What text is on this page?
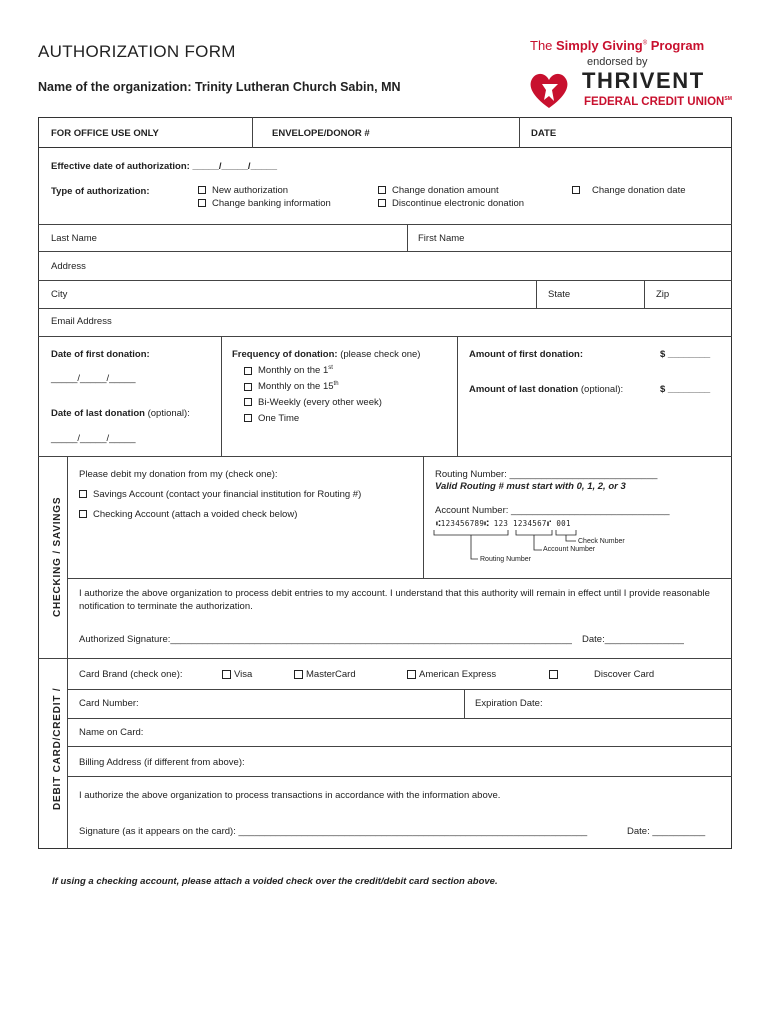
AUTHORIZATION FORM
Name of the organization: Trinity Lutheran Church Sabin, MN
The Simply Giving® Program
endorsed by
THRIVENT
FEDERAL CREDIT UNION℠
FOR OFFICE USE ONLY	ENVELOPE/DONOR #	DATE
Effective date of authorization: _____/_____/_____
Type of authorization:	New authorization
Change banking information
Change donation amount
Discontinue electronic donation
Change donation date
Last Name	First Name
Address
City	State	Zip
Email Address
Date of first donation:
_____/_____/_____
Date of last donation (optional):
_____/_____/_____
Frequency of donation: (please check one)
Monthly on the 1st
Monthly on the 15th
Bi-Weekly (every other week)
One Time
Amount of first donation:	$ ________
Amount of last donation (optional):	$ ________
CHECKING / SAVINGS
Please debit my donation from my (check one):
Savings Account (contact your financial institution for Routing #)
Checking Account (attach a voided check below)
Routing Number: ____________________________
Valid Routing # must start with 0, 1, 2, or 3
Account Number: ______________________________
⑆123456789⑆ 123 1234567⑈ 001
Check Number
Account Number
Routing Number
I authorize the above organization to process debit entries to my account. I understand that this authority will remain in effect until I provide reasonable notification to terminate the authorization.
Authorized Signature:____________________________________________________________________________ Date:_______________
DEBIT CARD/CREDIT /
Card Brand (check one):	Visa	MasterCard	American Express	Discover Card
Card Number:	Expiration Date:
Name on Card:
Billing Address (if different from above):
I authorize the above organization to process transactions in accordance with the information above.
Signature (as it appears on the card): __________________________________________________________________	Date: __________
If using a checking account, please attach a voided check over the credit/debit card section above.
